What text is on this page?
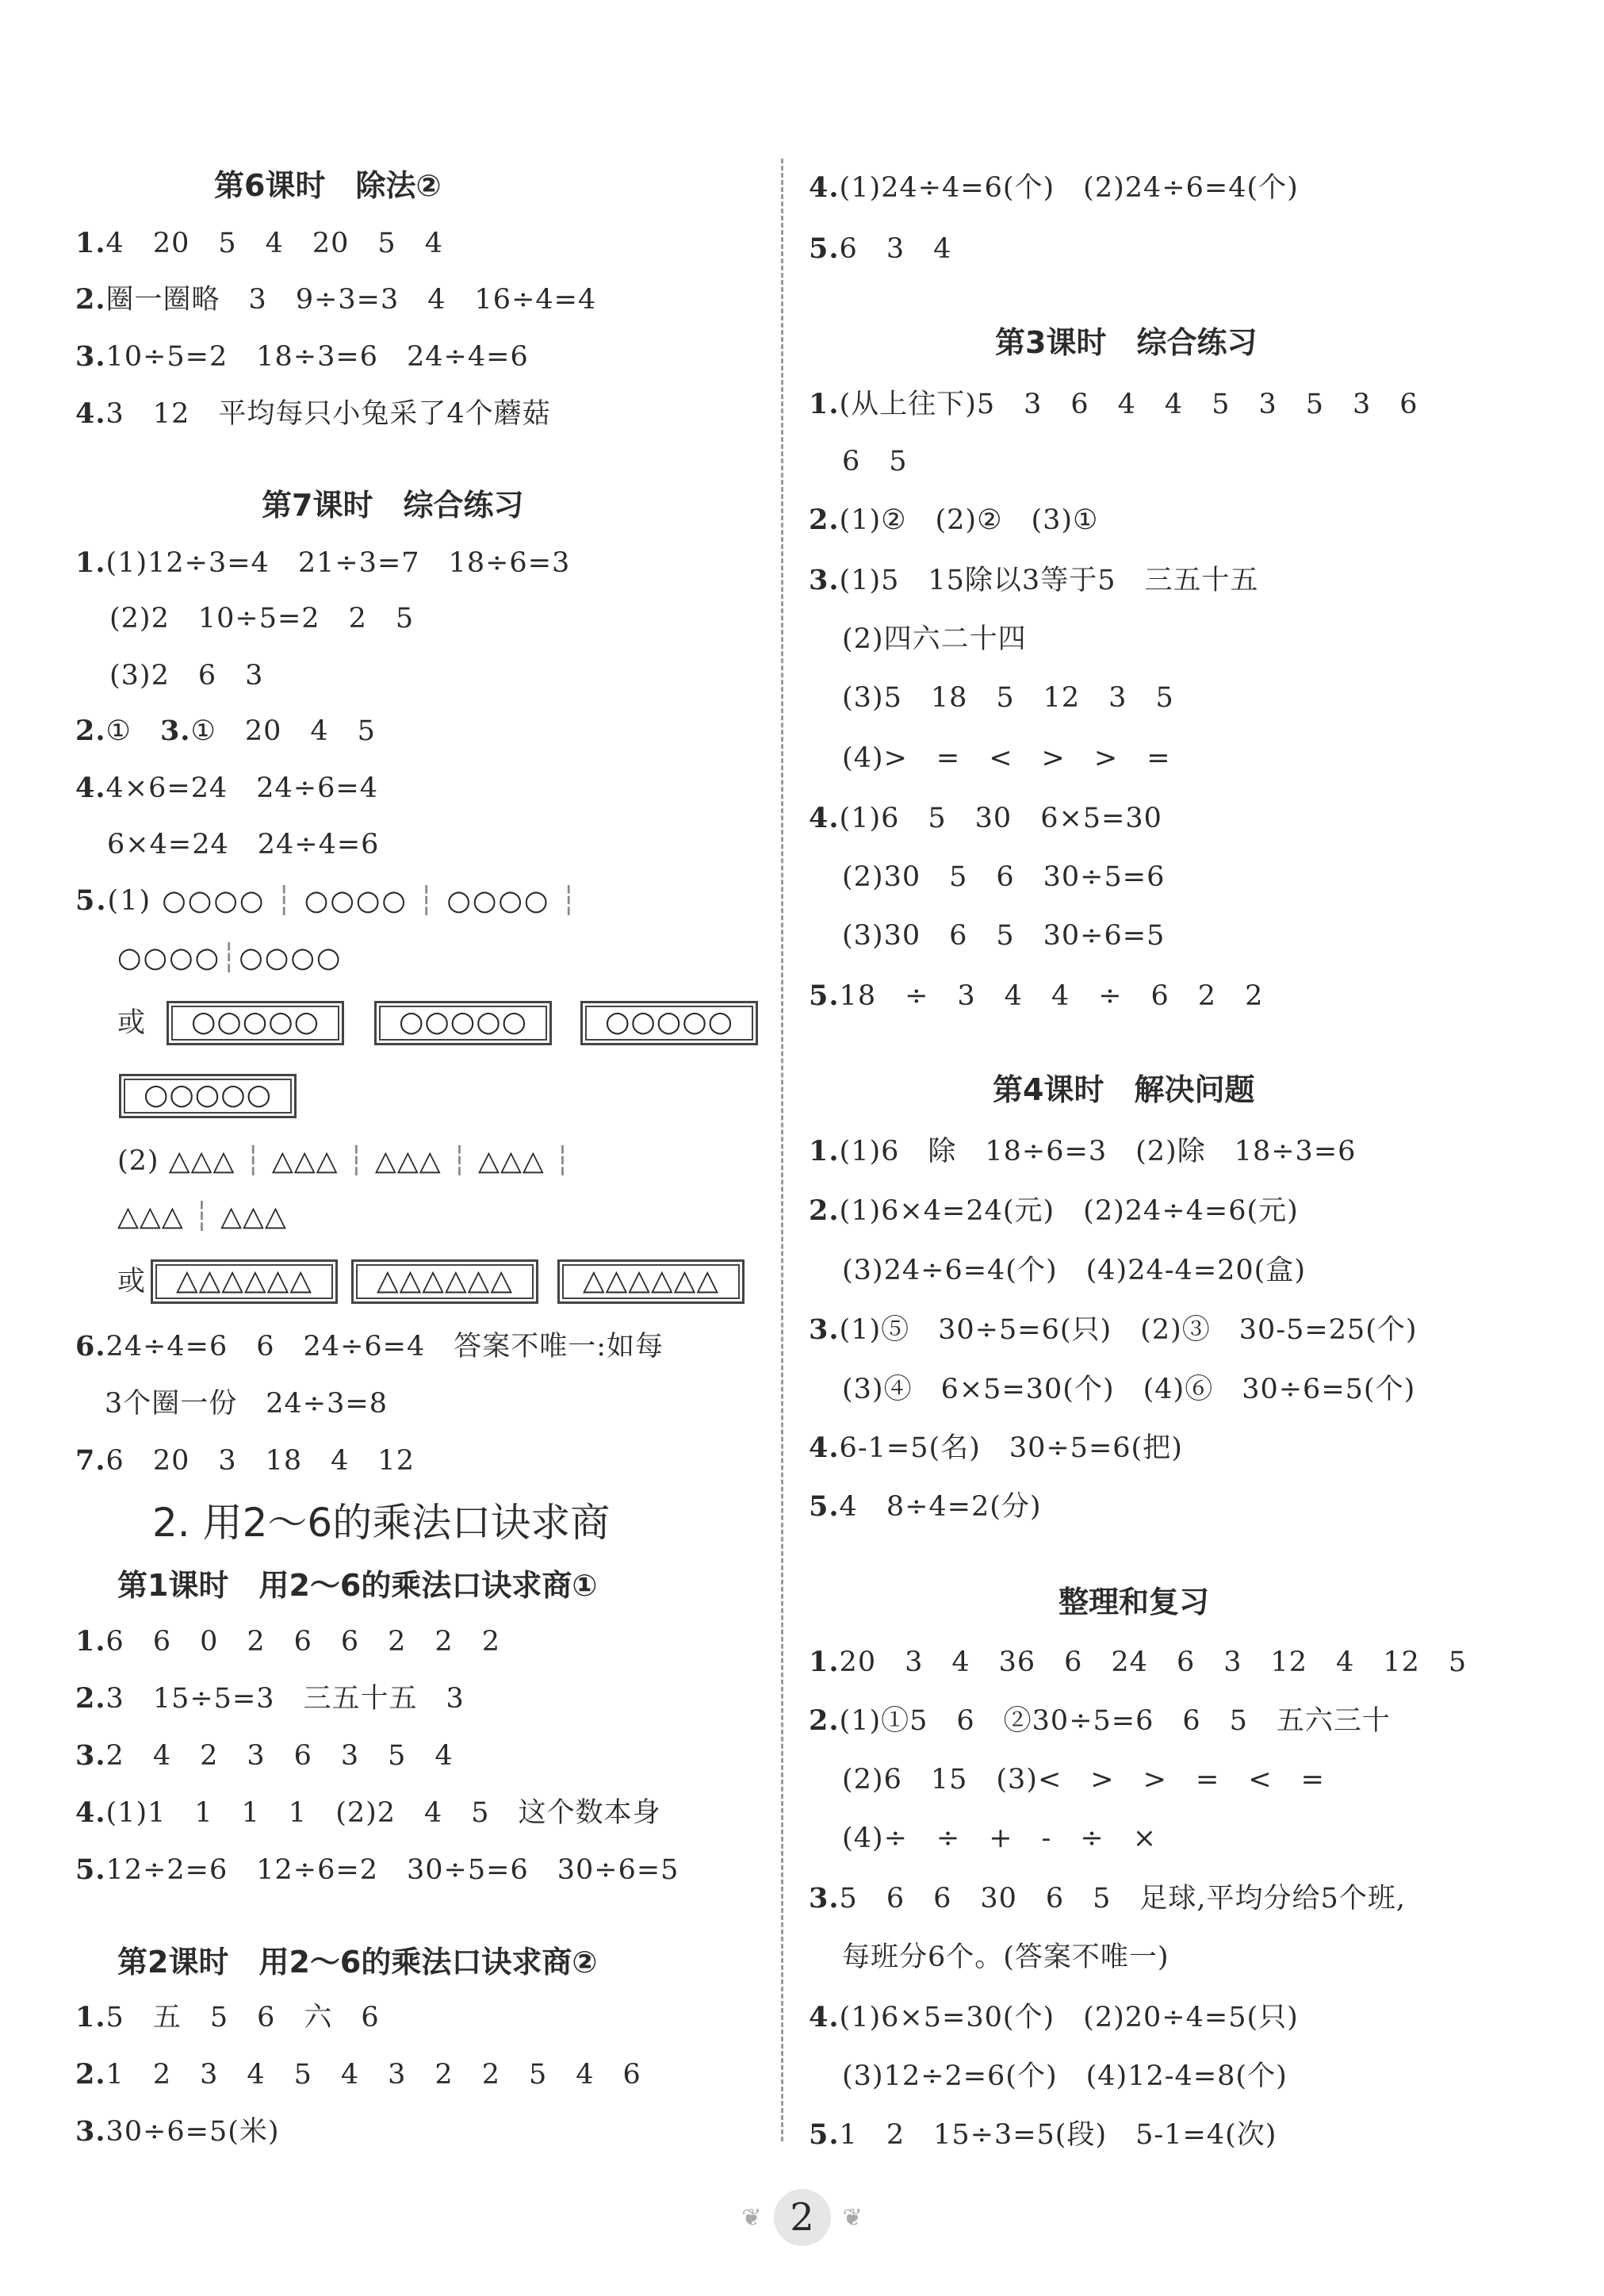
第6课时　除法②
1.4　20　5　4　20　5　4
2.圈一圈略　3　9÷3=3　4　16÷4=4
3.10÷5=2　18÷3=6　24÷4=6
4.3　12　平均每只小兔采了4个蘑菇
第7课时　综合练习
1.(1)12÷3=4　21÷3=7　18÷6=3
(2)2　10÷5=2　2　5
(3)2　6　3
2.①　 3.①　20　4　5
4.4×6=24　24÷6=4
6×4=24　24÷4=6
5.(1) ○○○○ ┆ ○○○○ ┆ ○○○○ ┆
○○○○┆○○○○
或	○○○○○	○○○○○	○○○○○
○○○○○
(2) △△△ ┆ △△△ ┆ △△△ ┆ △△△ ┆
△△△ ┆ △△△
或	△△△△△△	△△△△△△	△△△△△△
6.24÷4=6　6　24÷6=4　答案不唯一:如每
3个圈一份　24÷3=8
7.6　20　3　18　4　12
2. 用2～6的乘法口诀求商
第1课时　用2～6的乘法口诀求商①
1.6　6　0　2　6　6　2　2　2
2.3　15÷5=3　三五十五　3
3.2　4　2　3　6　3　5　4
4.(1)1　1　1　1　(2)2　4　5　这个数本身
5.12÷2=6　12÷6=2　30÷5=6　30÷6=5
第2课时　用2～6的乘法口诀求商②
1.5　五　5　6　六　6
2.1　2　3　4　5　4　3　2　2　5　4　6
3.30÷6=5(米)
4.(1)24÷4=6(个)　(2)24÷6=4(个)
5.6　3　4
第3课时　综合练习
1.(从上往下)5　3　6　4　4　5　3　5　3　6
6　5
2.(1)②　(2)②　(3)①
3.(1)5　15除以3等于5　三五十五
(2)四六二十四
(3)5　18　5　12　3　5
(4)>　=　<　>　>　=
4.(1)6　5　30　6×5=30
(2)30　5　6　30÷5=6
(3)30　6　5　30÷6=5
5.18　÷　3　4　4　÷　6　2　2
第4课时　解决问题
1.(1)6　除　18÷6=3　(2)除　18÷3=6
2.(1)6×4=24(元)　(2)24÷4=6(元)
(3)24÷6=4(个)　(4)24-4=20(盒)
3.(1)⑤　30÷5=6(只)　(2)③　30-5=25(个)
(3)④　6×5=30(个)　(4)⑥　30÷6=5(个)
4.6-1=5(名)　30÷5=6(把)
5.4　8÷4=2(分)
整理和复习
1.20　3　4　36　6　24　6　3　12　4　12　5
2.(1)①5　6　②30÷5=6　6　5　五六三十
(2)6　15　(3)<　>　>　=　<　=
(4)÷　÷　+　-　÷　×
3.5　6　6　30　6　5　足球,平均分给5个班,
每班分6个。(答案不唯一)
4.(1)6×5=30(个)　(2)20÷4=5(只)
(3)12÷2=6(个)　(4)12-4=8(个)
5.1　2　15÷3=5(段)　5-1=4(次)
❦ 2 ❦
